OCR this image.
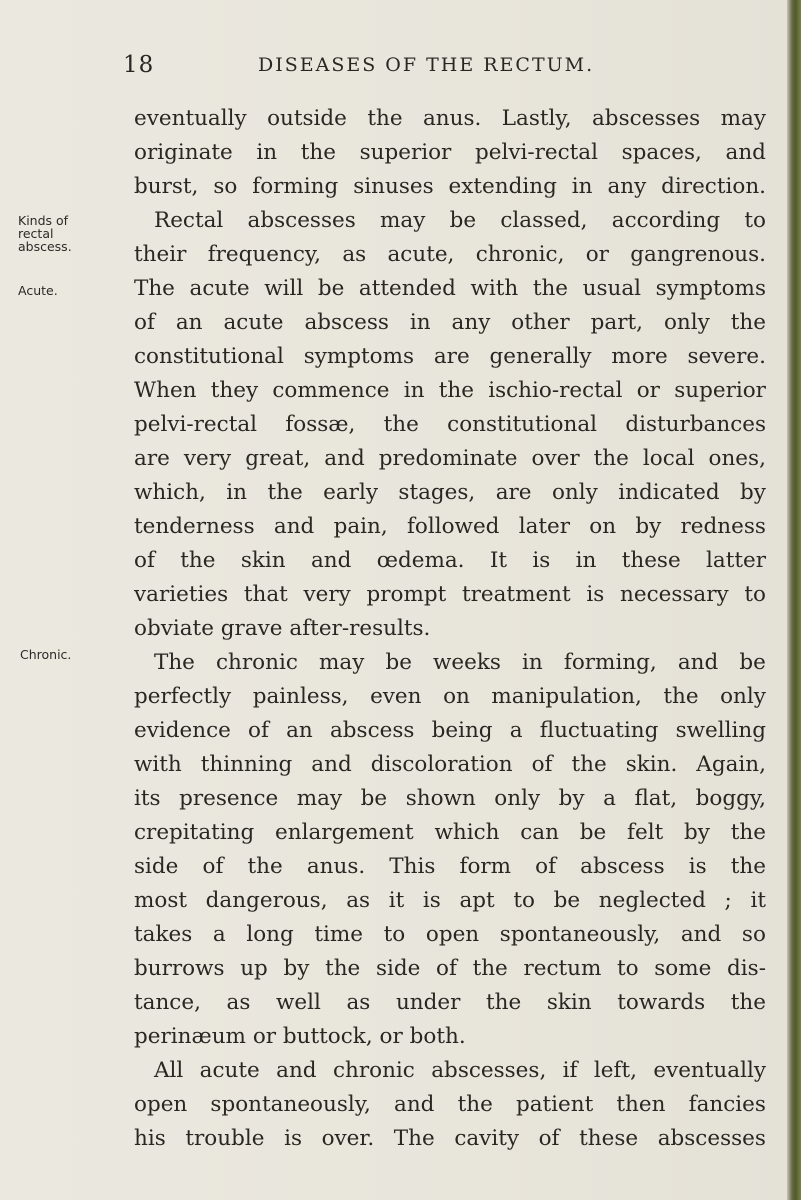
18	DISEASES OF THE RECTUM.
Kinds of
rectal
abscess.
Acute.
Chronic.
eventually outside the anus. Lastly, abscesses may
originate in the superior pelvi-rectal spaces, and
burst, so forming sinuses extending in any direction.
Rectal abscesses may be classed, according to
their frequency, as acute, chronic, or gangrenous.
The acute will be attended with the usual symptoms
of an acute abscess in any other part, only the
constitutional symptoms are generally more severe.
When they commence in the ischio-rectal or superior
pelvi-rectal fossæ, the constitutional disturbances
are very great, and predominate over the local ones,
which, in the early stages, are only indicated by
tenderness and pain, followed later on by redness
of the skin and œdema. It is in these latter
varieties that very prompt treatment is necessary to
obviate grave after-results.
The chronic may be weeks in forming, and be
perfectly painless, even on manipulation, the only
evidence of an abscess being a fluctuating swelling
with thinning and discoloration of the skin. Again,
its presence may be shown only by a flat, boggy,
crepitating enlargement which can be felt by the
side of the anus. This form of abscess is the
most dangerous, as it is apt to be neglected ; it
takes a long time to open spontaneously, and so
burrows up by the side of the rectum to some dis-
tance, as well as under the skin towards the
perinæum or buttock, or both.
All acute and chronic abscesses, if left, eventually
open spontaneously, and the patient then fancies
his trouble is over. The cavity of these abscesses
